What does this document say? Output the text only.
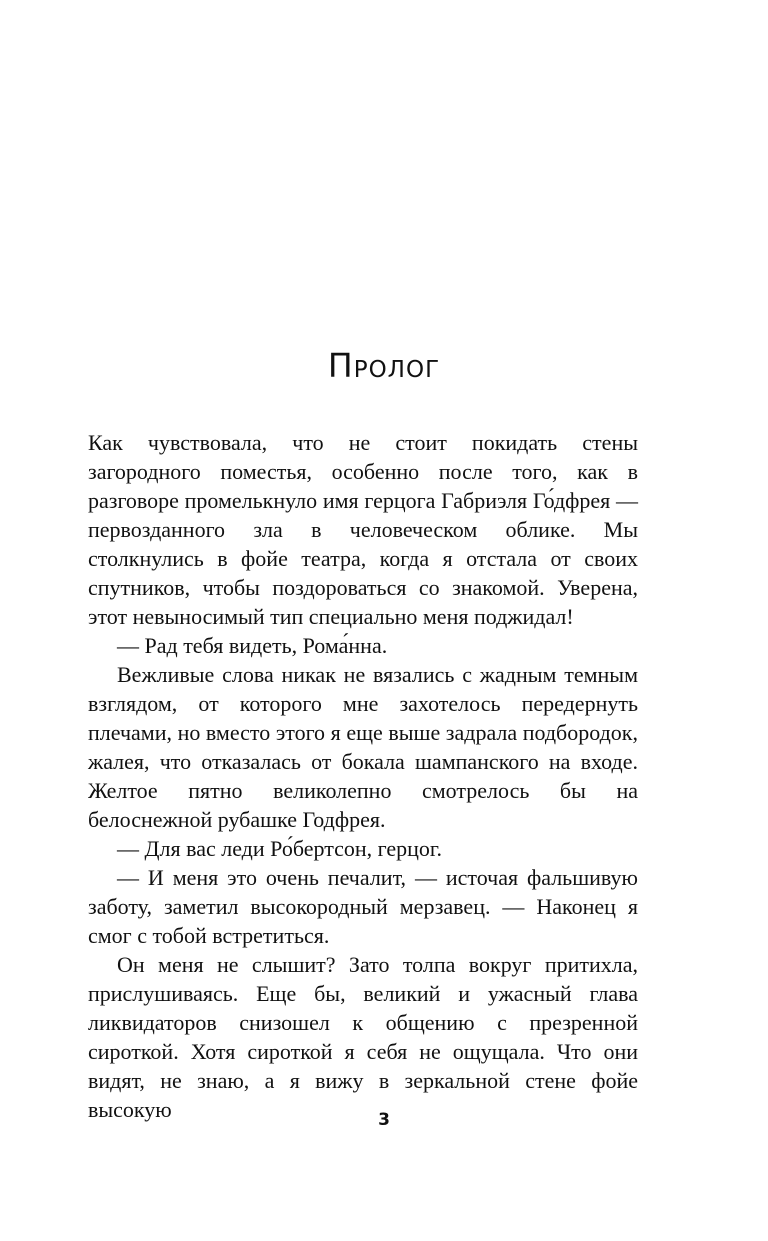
Пролог

Как чувствовала, что не стоит покидать стены загородного поместья, особенно после того, как в разговоре промелькнуло имя герцога Габриэля Го́дфрея — первозданного зла в человеческом облике. Мы столкнулись в фойе театра, когда я отстала от своих спутников, чтобы поздороваться со знакомой. Уверена, этот невыносимый тип специально меня поджидал!

— Рад тебя видеть, Рома́нна.

Вежливые слова никак не вязались с жадным темным взглядом, от которого мне захотелось передернуть плечами, но вместо этого я еще выше задрала подбородок, жалея, что отказалась от бокала шампанского на входе. Желтое пятно великолепно смотрелось бы на белоснежной рубашке Годфрея.

— Для вас леди Ро́бертсон, герцог.

— И меня это очень печалит, — источая фальшивую заботу, заметил высокородный мерзавец. — Наконец я смог с тобой встретиться.

Он меня не слышит? Зато толпа вокруг притихла, прислушиваясь. Еще бы, великий и ужасный глава ликвидаторов снизошел к общению с презренной сироткой. Хотя сироткой я себя не ощущала. Что они видят, не знаю, а я вижу в зеркальной стене фойе высокую	3
